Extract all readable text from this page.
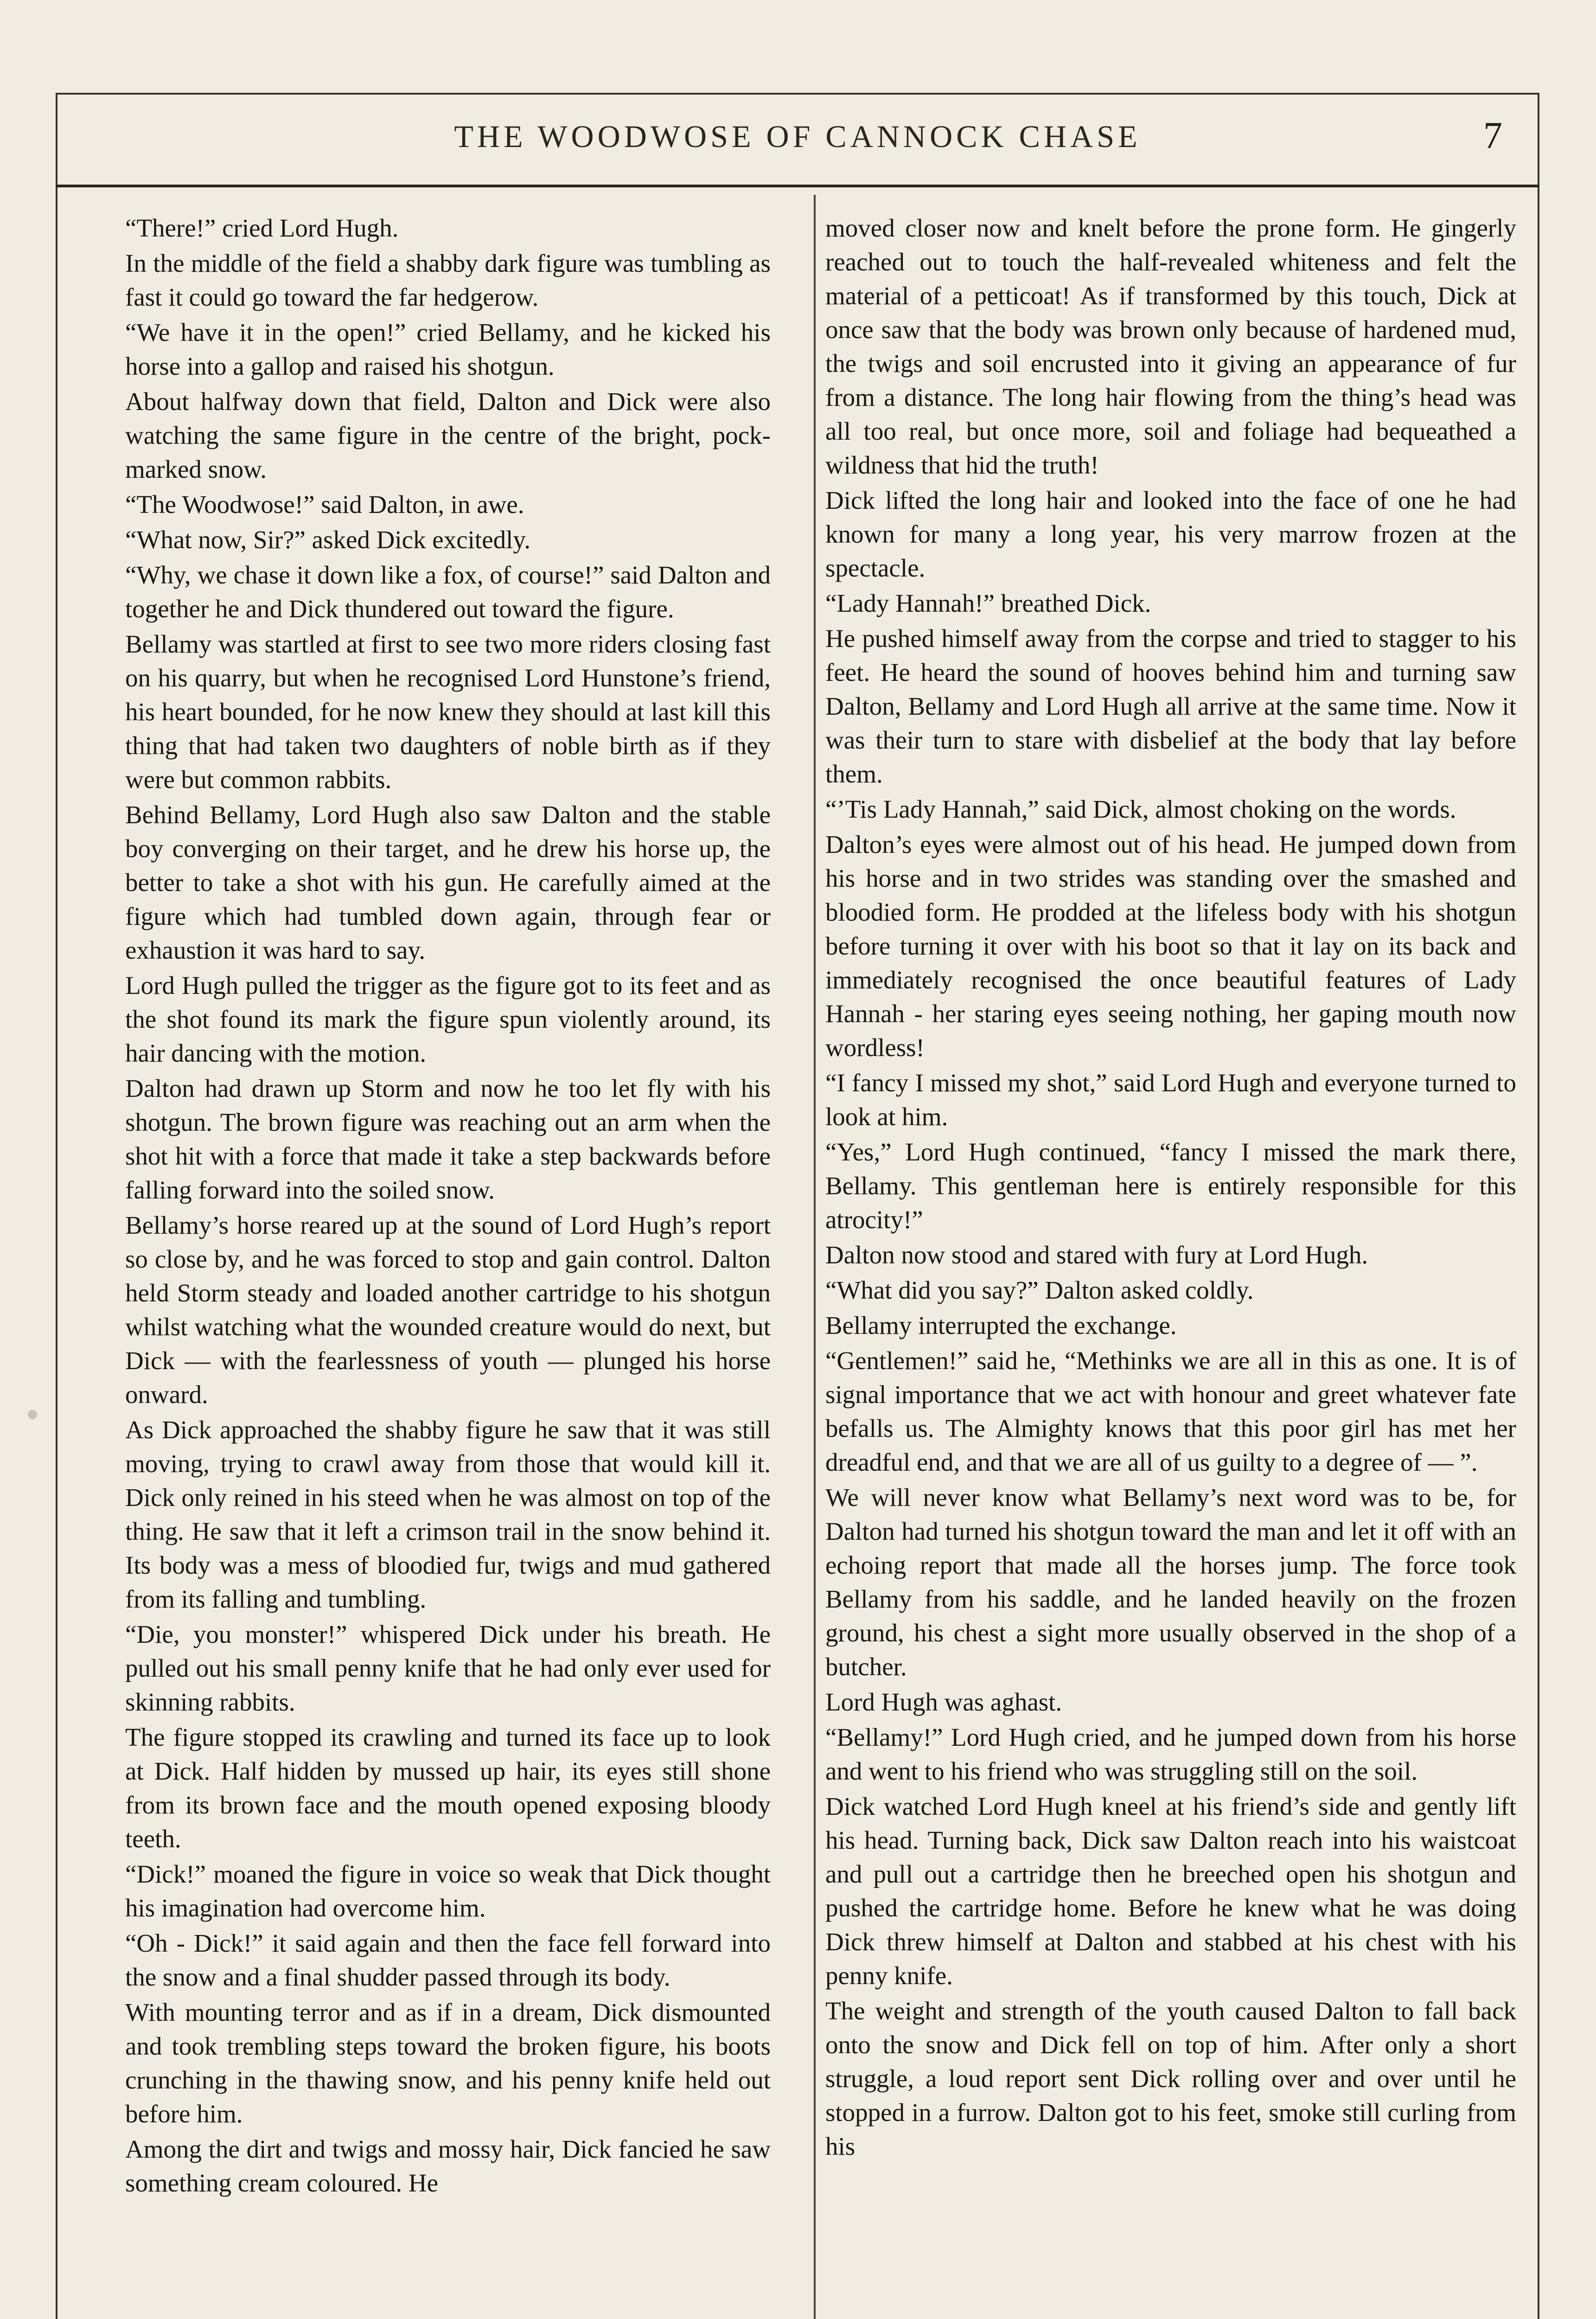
THE WOODWOSE OF CANNOCK CHASE	7

“There!” cried Lord Hugh.

In the middle of the field a shabby dark figure was tumbling as fast it could go toward the far hedgerow.

“We have it in the open!” cried Bellamy, and he kicked his horse into a gallop and raised his shotgun.

About halfway down that field, Dalton and Dick were also watching the same figure in the centre of the bright, pock-marked snow.

“The Woodwose!” said Dalton, in awe.

“What now, Sir?” asked Dick excitedly.

“Why, we chase it down like a fox, of course!” said Dalton and together he and Dick thundered out toward the figure.

Bellamy was startled at first to see two more riders closing fast on his quarry, but when he recognised Lord Hunstone’s friend, his heart bounded, for he now knew they should at last kill this thing that had taken two daughters of noble birth as if they were but common rabbits.

Behind Bellamy, Lord Hugh also saw Dalton and the stable boy converging on their target, and he drew his horse up, the better to take a shot with his gun. He carefully aimed at the figure which had tumbled down again, through fear or exhaustion it was hard to say.

Lord Hugh pulled the trigger as the figure got to its feet and as the shot found its mark the figure spun violently around, its hair dancing with the motion.

Dalton had drawn up Storm and now he too let fly with his shotgun. The brown figure was reaching out an arm when the shot hit with a force that made it take a step backwards before falling forward into the soiled snow.

Bellamy’s horse reared up at the sound of Lord Hugh’s report so close by, and he was forced to stop and gain control. Dalton held Storm steady and loaded another cartridge to his shotgun whilst watching what the wounded creature would do next, but Dick — with the fearlessness of youth — plunged his horse onward.

As Dick approached the shabby figure he saw that it was still moving, trying to crawl away from those that would kill it. Dick only reined in his steed when he was almost on top of the thing. He saw that it left a crimson trail in the snow behind it. Its body was a mess of bloodied fur, twigs and mud gathered from its falling and tumbling.

“Die, you monster!” whispered Dick under his breath. He pulled out his small penny knife that he had only ever used for skinning rabbits.

The figure stopped its crawling and turned its face up to look at Dick. Half hidden by mussed up hair, its eyes still shone from its brown face and the mouth opened exposing bloody teeth.

“Dick!” moaned the figure in voice so weak that Dick thought his imagination had overcome him.

“Oh - Dick!” it said again and then the face fell forward into the snow and a final shudder passed through its body.

With mounting terror and as if in a dream, Dick dismounted and took trembling steps toward the broken figure, his boots crunching in the thawing snow, and his penny knife held out before him.

Among the dirt and twigs and mossy hair, Dick fancied he saw something cream coloured. He

moved closer now and knelt before the prone form. He gingerly reached out to touch the half-revealed whiteness and felt the material of a petticoat! As if transformed by this touch, Dick at once saw that the body was brown only because of hardened mud, the twigs and soil encrusted into it giving an appearance of fur from a distance. The long hair flowing from the thing’s head was all too real, but once more, soil and foliage had bequeathed a wildness that hid the truth!

Dick lifted the long hair and looked into the face of one he had known for many a long year, his very marrow frozen at the spectacle.

“Lady Hannah!” breathed Dick.

He pushed himself away from the corpse and tried to stagger to his feet. He heard the sound of hooves behind him and turning saw Dalton, Bellamy and Lord Hugh all arrive at the same time. Now it was their turn to stare with disbelief at the body that lay before them.

“’Tis Lady Hannah,” said Dick, almost choking on the words.

Dalton’s eyes were almost out of his head. He jumped down from his horse and in two strides was standing over the smashed and bloodied form. He prodded at the lifeless body with his shotgun before turning it over with his boot so that it lay on its back and immediately recognised the once beautiful features of Lady Hannah - her staring eyes seeing nothing, her gaping mouth now wordless!

“I fancy I missed my shot,” said Lord Hugh and everyone turned to look at him.

“Yes,” Lord Hugh continued, “fancy I missed the mark there, Bellamy. This gentleman here is entirely responsible for this atrocity!”

Dalton now stood and stared with fury at Lord Hugh.

“What did you say?” Dalton asked coldly.

Bellamy interrupted the exchange.

“Gentlemen!” said he, “Methinks we are all in this as one. It is of signal importance that we act with honour and greet whatever fate befalls us. The Almighty knows that this poor girl has met her dreadful end, and that we are all of us guilty to a degree of — ”.

We will never know what Bellamy’s next word was to be, for Dalton had turned his shotgun toward the man and let it off with an echoing report that made all the horses jump. The force took Bellamy from his saddle, and he landed heavily on the frozen ground, his chest a sight more usually observed in the shop of a butcher.

Lord Hugh was aghast.

“Bellamy!” Lord Hugh cried, and he jumped down from his horse and went to his friend who was struggling still on the soil.

Dick watched Lord Hugh kneel at his friend’s side and gently lift his head. Turning back, Dick saw Dalton reach into his waistcoat and pull out a cartridge then he breeched open his shotgun and pushed the cartridge home. Before he knew what he was doing Dick threw himself at Dalton and stabbed at his chest with his penny knife.

The weight and strength of the youth caused Dalton to fall back onto the snow and Dick fell on top of him. After only a short struggle, a loud report sent Dick rolling over and over until he stopped in a furrow. Dalton got to his feet, smoke still curling from his
